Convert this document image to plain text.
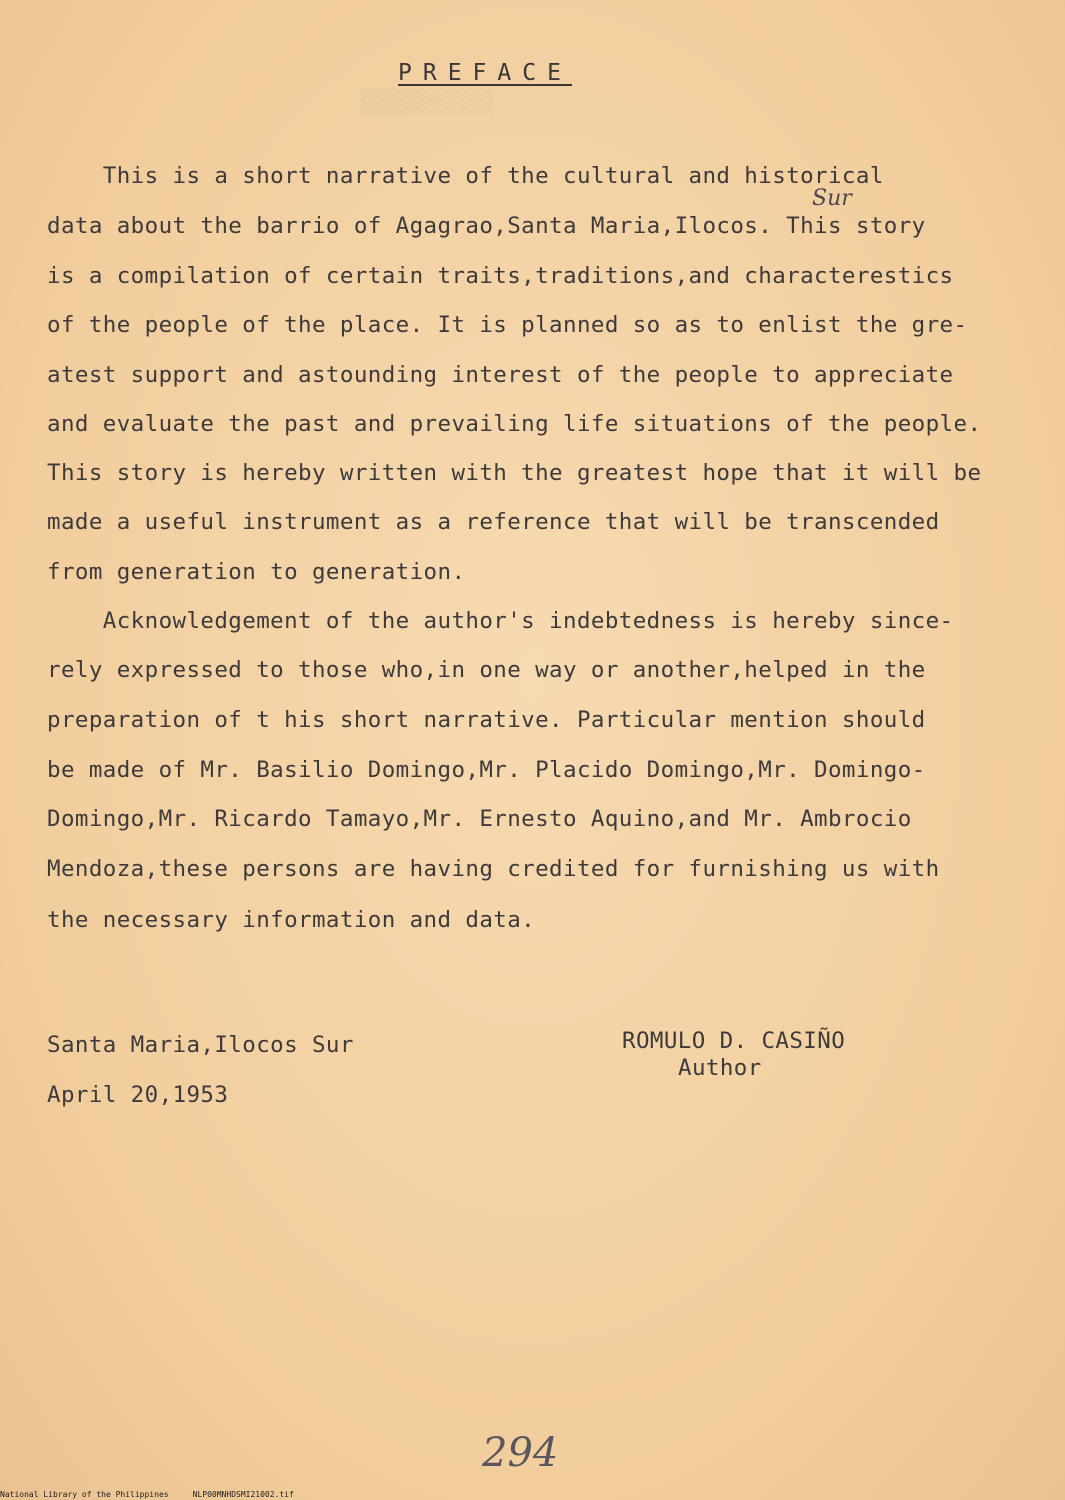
▒▒▒▒▒▒▒▒▒▒
PREFACE
This is a short narrative of the cultural and historical
data about the barrio of Agagrao,Santa Maria,Ilocos. This story
is a compilation of certain traits,traditions,and characterestics
of the people of the place. It is planned so as to enlist the gre-
atest support and astounding interest of the people to appreciate
and evaluate the past and prevailing life situations of the people.
This story is hereby written with the greatest hope that it will be
made a useful instrument as a reference that will be transcended
from generation to generation.
Sur
Acknowledgement of the author's indebtedness is hereby since-
rely expressed to those who,in one way or another,helped in the
preparation of t his short narrative. Particular mention should
be made of Mr. Basilio Domingo,Mr. Placido Domingo,Mr. Domingo-
Domingo,Mr. Ricardo Tamayo,Mr. Ernesto Aquino,and Mr. Ambrocio
Mendoza,these persons are having credited for furnishing us with
the necessary information and data.
Santa Maria,Ilocos Sur
April 20,1953
ROMULO D. CASIÑO
Author
294
National Library of the Philippines     NLP00MNHDSMI21002.tif
